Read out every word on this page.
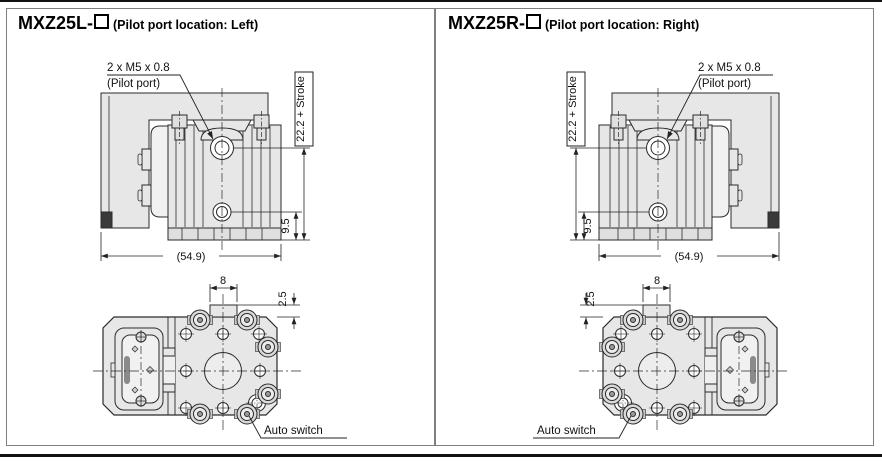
MXZ25L- (Pilot port location: Left)	MXZ25R- (Pilot port location: Right)
2 x M5 x 0.8
(Pilot port)	22.2 + Stroke
9.5
(54.9)
8
2.5
Auto switch
2 x M5 x 0.8
(Pilot port)
22.2 + Stroke
9.5
(54.9)
8
2.5
Auto switch
